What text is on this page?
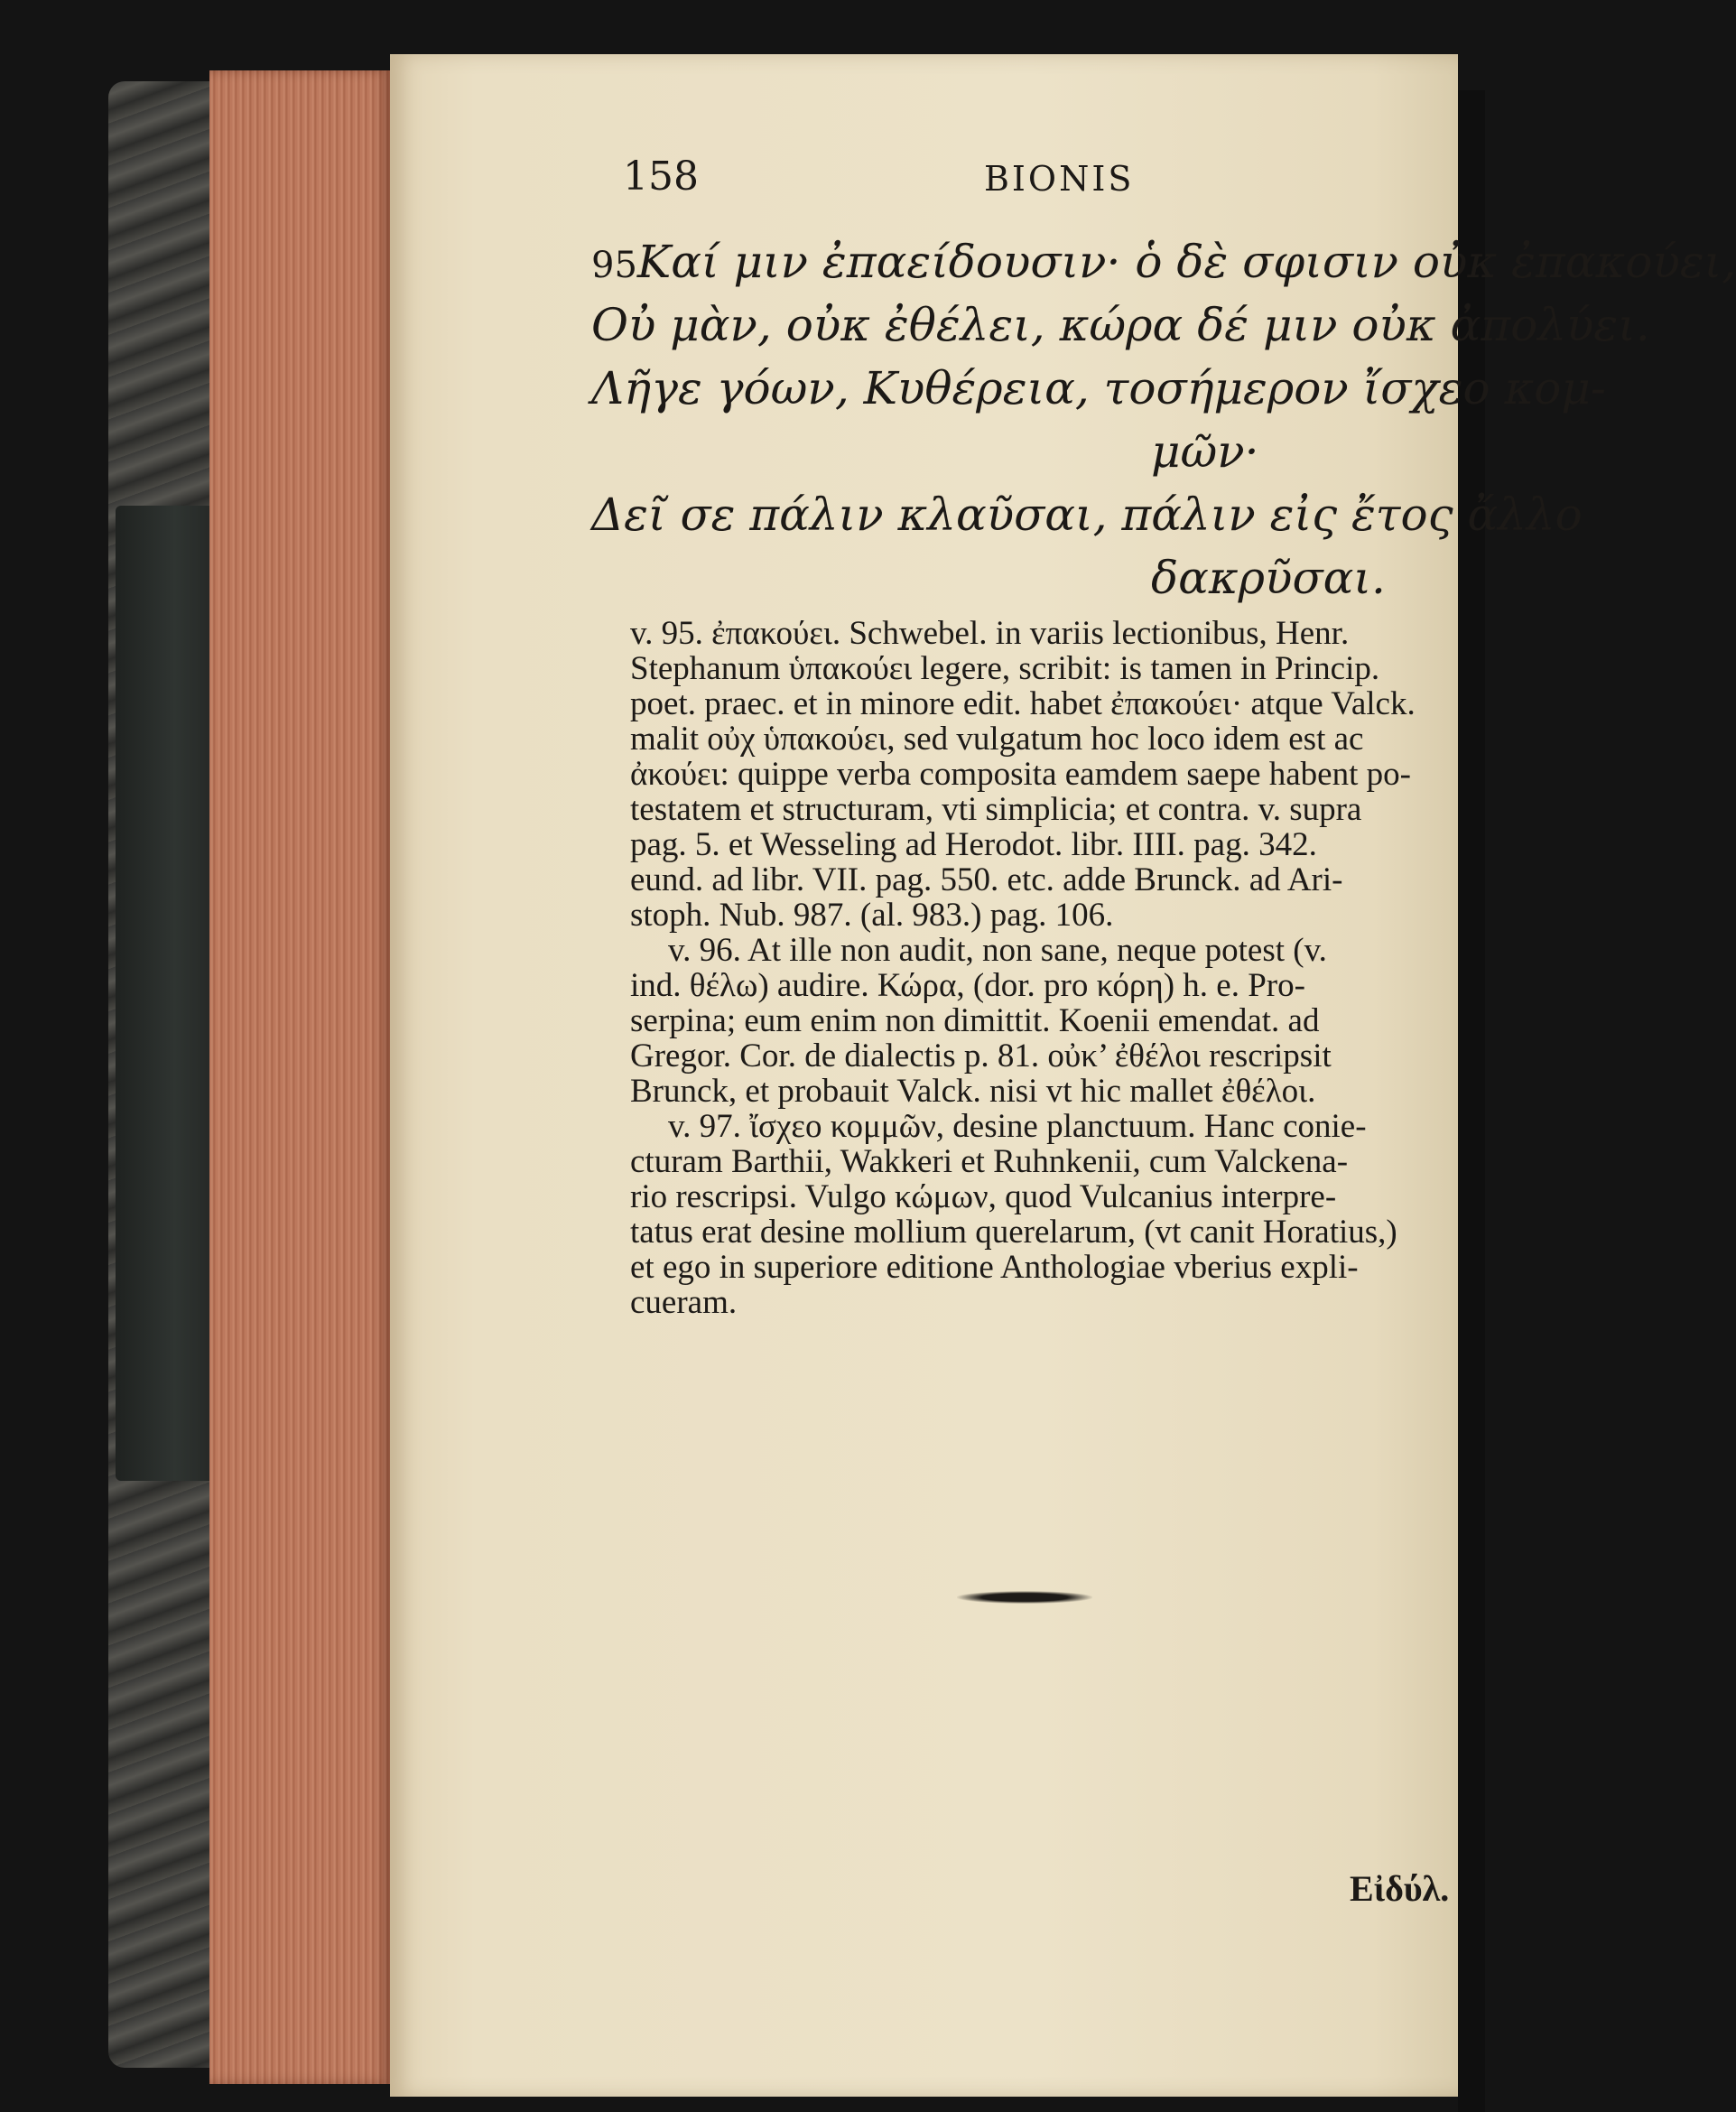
158	BIONIS
95Καί μιν ἐπαείδουσιν· ὁ δὲ σφισιν οὐκ ἐπακούει,
Οὐ μὰν, οὐκ ἐθέλει, κώρα δέ μιν οὐκ ἀπολύει.
Λῆγε γόων, Κυθέρεια, τοσήμερον ἴσχεο κομ-
μῶν·
Δεῖ σε πάλιν κλαῦσαι, πάλιν εἰς ἔτος ἄλλο
δακρῦσαι.
v. 95. ἐπακούει. Schwebel. in variis lectionibus, Henr.
Stephanum ὑπακούει legere, scribit: is tamen in Princip.
poet. praec. et in minore edit. habet ἐπακούει· atque Valck.
malit οὐχ ὑπακούει, sed vulgatum hoc loco idem est ac
ἀκούει: quippe verba composita eamdem saepe habent po-
testatem et structuram, vti simplicia; et contra. v. supra
pag. 5. et Wesseling ad Herodot. libr. IIII. pag. 342.
eund. ad libr. VII. pag. 550. etc. adde Brunck. ad Ari-
stoph. Nub. 987. (al. 983.) pag. 106.
v. 96. At ille non audit, non sane, neque potest (v.
ind. θέλω) audire. Κώρα, (dor. pro κόρη) h. e. Pro-
serpina; eum enim non dimittit. Koenii emendat. ad
Gregor. Cor. de dialectis p. 81. οὐκ’ ἐθέλοι rescripsit
Brunck, et probauit Valck. nisi vt hic mallet ἐθέλοι.
v. 97. ἴσχεο κομμῶν, desine planctuum. Hanc conie-
cturam Barthii, Wakkeri et Ruhnkenii, cum Valckena-
rio rescripsi. Vulgo κώμων, quod Vulcanius interpre-
tatus erat desine mollium querelarum, (vt canit Horatius,)
et ego in superiore editione Anthologiae vberius expli-
cueram.
Εἰδύλ.
